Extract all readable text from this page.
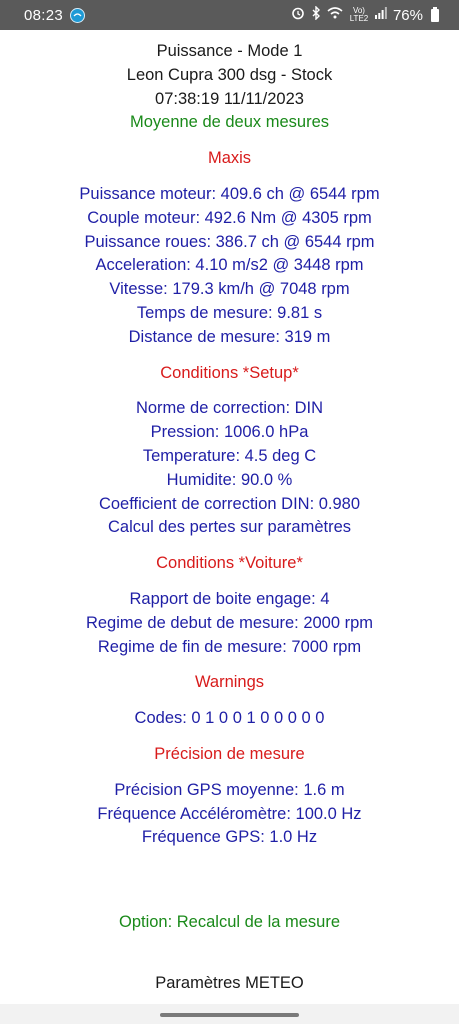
08:23	Vo) LTE2 76%
Puissance - Mode 1
Leon Cupra 300 dsg - Stock
07:38:19 11/11/2023
Moyenne de deux mesures
Maxis
Puissance moteur: 409.6 ch @ 6544 rpm
Couple moteur: 492.6 Nm @ 4305 rpm
Puissance roues: 386.7 ch @ 6544 rpm
Acceleration: 4.10 m/s2 @ 3448 rpm
Vitesse: 179.3 km/h @ 7048 rpm
Temps de mesure: 9.81 s
Distance de mesure: 319 m
Conditions *Setup*
Norme de correction: DIN
Pression: 1006.0 hPa
Temperature: 4.5 deg C
Humidite: 90.0 %
Coefficient de correction DIN: 0.980
Calcul des pertes sur paramètres
Conditions *Voiture*
Rapport de boite engage: 4
Regime de debut de mesure: 2000 rpm
Regime de fin de mesure: 7000 rpm
Warnings
Codes: 0 1 0 0 1 0 0 0 0 0
Précision de mesure
Précision GPS moyenne: 1.6 m
Fréquence Accéléromètre: 100.0 Hz
Fréquence GPS: 1.0 Hz
Option: Recalcul de la mesure
Paramètres METEO
